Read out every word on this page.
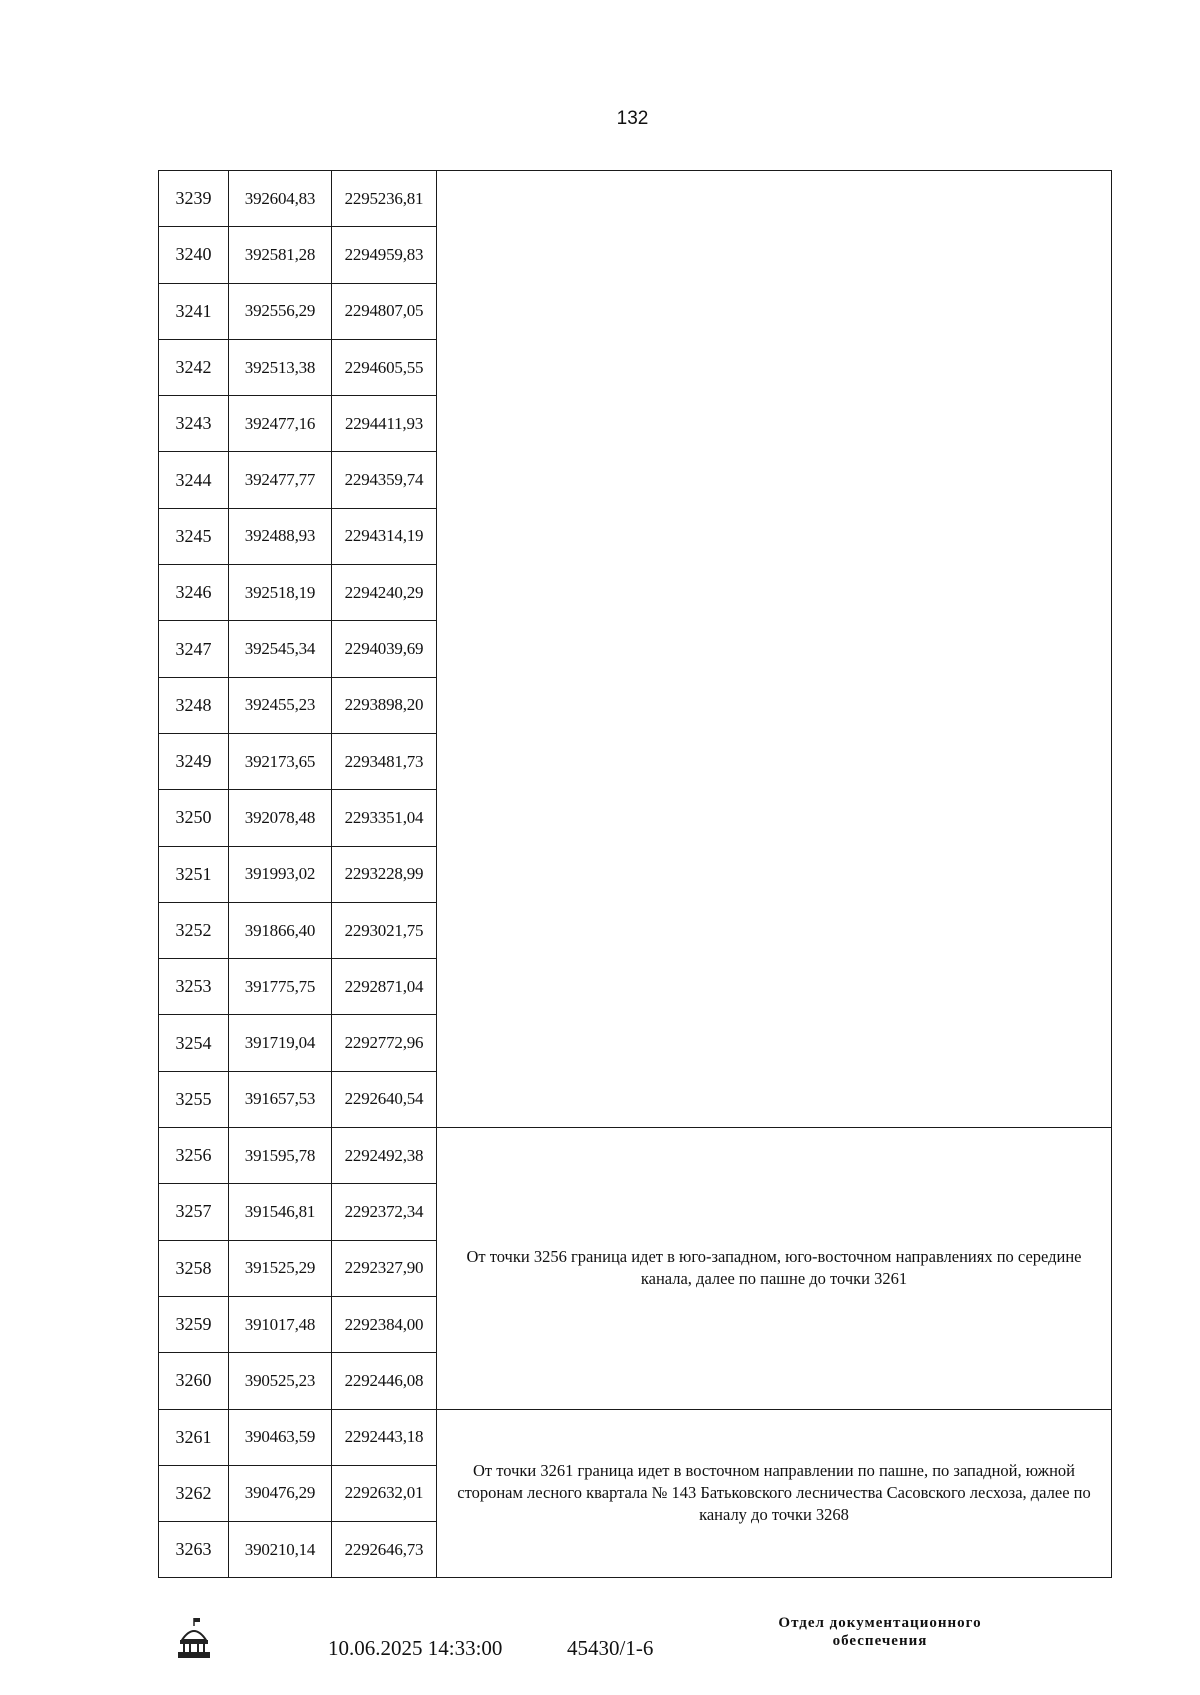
132
3239	392604,83	2295236,81	
3240	392581,28	2294959,83	
3241	392556,29	2294807,05	
3242	392513,38	2294605,55	
3243	392477,16	2294411,93	
3244	392477,77	2294359,74	
3245	392488,93	2294314,19	
3246	392518,19	2294240,29	
3247	392545,34	2294039,69	
3248	392455,23	2293898,20	
3249	392173,65	2293481,73	
3250	392078,48	2293351,04	
3251	391993,02	2293228,99	
3252	391866,40	2293021,75	
3253	391775,75	2292871,04	
3254	391719,04	2292772,96	
3255	391657,53	2292640,54	
3256	391595,78	2292492,38	От точки 3256 граница идет в юго-западном, юго-восточном направлениях по середине канала, далее по пашне до точки 3261
3257	391546,81	2292372,34	
3258	391525,29	2292327,90	
3259	391017,48	2292384,00	
3260	390525,23	2292446,08	
3261	390463,59	2292443,18	От точки 3261 граница идет в восточном направлении по пашне, по западной, южной сторонам лесного квартала № 143 Батьковского лесничества Сасовского лесхоза, далее по каналу до точки 3268
3262	390476,29	2292632,01	
3263	390210,14	2292646,73	
10.06.2025 14:33:00	45430/1-6
Отдел документационного
обеспечения
